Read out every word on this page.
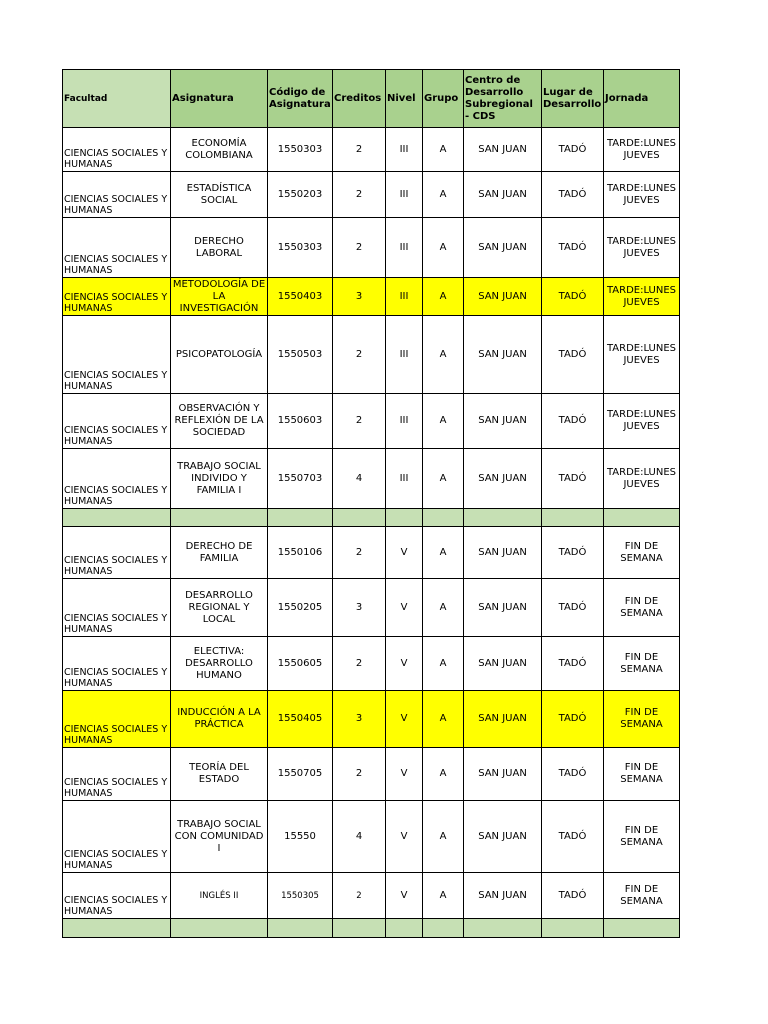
Facultad	Asignatura	Código de Asignatura	Creditos	Nivel	Grupo	Centro de Desarrollo Subregional - CDS	Lugar de Desarrollo	Jornada
CIENCIAS SOCIALES Y HUMANAS	ECONOMÍA COLOMBIANA	1550303	2	III	A	SAN JUAN	TADÓ	TARDE:LUNES JUEVES
CIENCIAS SOCIALES Y HUMANAS	ESTADÍSTICA SOCIAL	1550203	2	III	A	SAN JUAN	TADÓ	TARDE:LUNES JUEVES
CIENCIAS SOCIALES Y HUMANAS	DERECHO LABORAL	1550303	2	III	A	SAN JUAN	TADÓ	TARDE:LUNES JUEVES
CIENCIAS SOCIALES Y HUMANAS	METODOLOGÍA DE LA INVESTIGACIÓN	1550403	3	III	A	SAN JUAN	TADÓ	TARDE:LUNES JUEVES
CIENCIAS SOCIALES Y HUMANAS	PSICOPATOLOGÍA	1550503	2	III	A	SAN JUAN	TADÓ	TARDE:LUNES JUEVES
CIENCIAS SOCIALES Y HUMANAS	OBSERVACIÓN Y REFLEXIÓN DE LA SOCIEDAD	1550603	2	III	A	SAN JUAN	TADÓ	TARDE:LUNES JUEVES
CIENCIAS SOCIALES Y HUMANAS	TRABAJO SOCIAL INDIVIDO Y FAMILIA I	1550703	4	III	A	SAN JUAN	TADÓ	TARDE:LUNES JUEVES

CIENCIAS SOCIALES Y HUMANAS	DERECHO DE FAMILIA	1550106	2	V	A	SAN JUAN	TADÓ	FIN DE SEMANA
CIENCIAS SOCIALES Y HUMANAS	DESARROLLO REGIONAL Y LOCAL	1550205	3	V	A	SAN JUAN	TADÓ	FIN DE SEMANA
CIENCIAS SOCIALES Y HUMANAS	ELECTIVA: DESARROLLO HUMANO	1550605	2	V	A	SAN JUAN	TADÓ	FIN DE SEMANA
CIENCIAS SOCIALES Y HUMANAS	INDUCCIÓN A LA PRÁCTICA	1550405	3	V	A	SAN JUAN	TADÓ	FIN DE SEMANA
CIENCIAS SOCIALES Y HUMANAS	TEORÍA DEL ESTADO	1550705	2	V	A	SAN JUAN	TADÓ	FIN DE SEMANA
CIENCIAS SOCIALES Y HUMANAS	TRABAJO SOCIAL CON COMUNIDAD I	15550	4	V	A	SAN JUAN	TADÓ	FIN DE SEMANA
CIENCIAS SOCIALES Y HUMANAS	INGLÉS II	1550305	2	V	A	SAN JUAN	TADÓ	FIN DE SEMANA
